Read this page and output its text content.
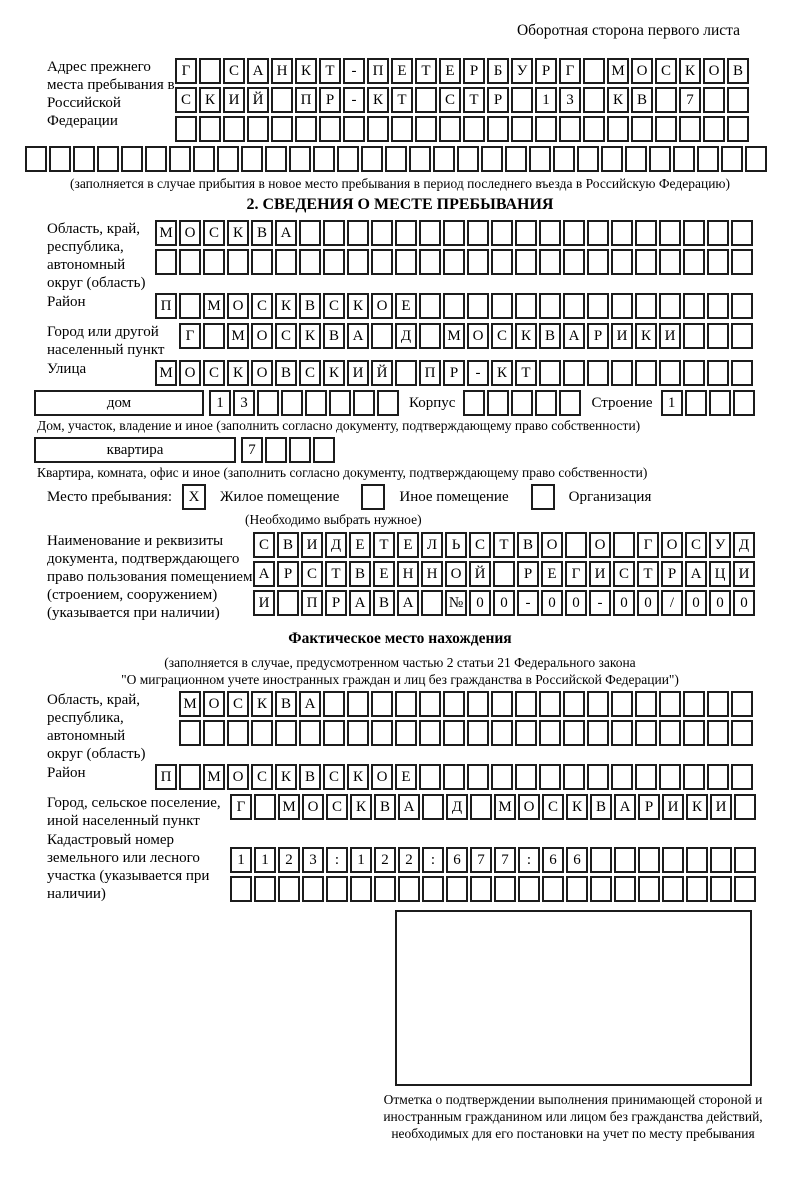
Оборотная сторона первого листа
Адрес прежнего места пребывания в Российской Федерации
Г	С А Н К Т	-	П Е Т Е	Р	Б У Р	Г	М О С К О В
С К И Й	П Р	-	К Т	С Т	Р	1	3	К В	7
(заполняется в случае прибытия в новое место пребывания в период последнего въезда в Российскую Федерацию)
2. СВЕДЕНИЯ О МЕСТЕ ПРЕБЫВАНИЯ
Область, край, республика, автономный округ (область)
М О С К В А
Район	П	М О С К В С К О Е
Город или другой населенный пункт
Г	М О С К В А	Д	М О С К В А Р И К И
Улица	М О С К О В С К И Й	П Р	-	К Т
дом	1	3	Корпус	Строение	1
Дом, участок, владение и иное (заполнить согласно документу, подтверждающему право собственности)
квартира	7
Квартира, комната, офис и иное (заполнить согласно документу, подтверждающему право собственности)
Место пребывания:	X	Жилое помещение	Иное помещение	Организация
(Необходимо выбрать нужное)
Наименование и реквизиты документа, подтверждающего право пользования помещением (строением, сооружением) (указывается при наличии)
С В И Д Е Т Е Л Ь С Т В О	О	Г О С У Д
А Р С Т В Е Н Н О Й	Р	Е	Г И С Т	Р А Ц И
И	П Р А В А	№ 0	0	-	0	0	-	0	0	/	0	0	0
Фактическое место нахождения
(заполняется в случае, предусмотренном частью 2 статьи 21 Федерального закона
"О миграционном учете иностранных граждан и лиц без гражданства в Российской Федерации")
Область, край, республика, автономный округ (область)
М О С К В А
Район	П	М О С К В С К О Е
Город, сельское поселение, иной населенный пункт
Г	М О С К В А	Д	М О С К В А Р И К И
Кадастровый номер земельного или лесного участка (указывается при наличии)
1	1	2	3	:	1	2	2	:	6	7	7	:	6	6
Отметка о подтверждении выполнения принимающей стороной и иностранным гражданином или лицом без гражданства действий, необходимых для его постановки на учет по месту пребывания
